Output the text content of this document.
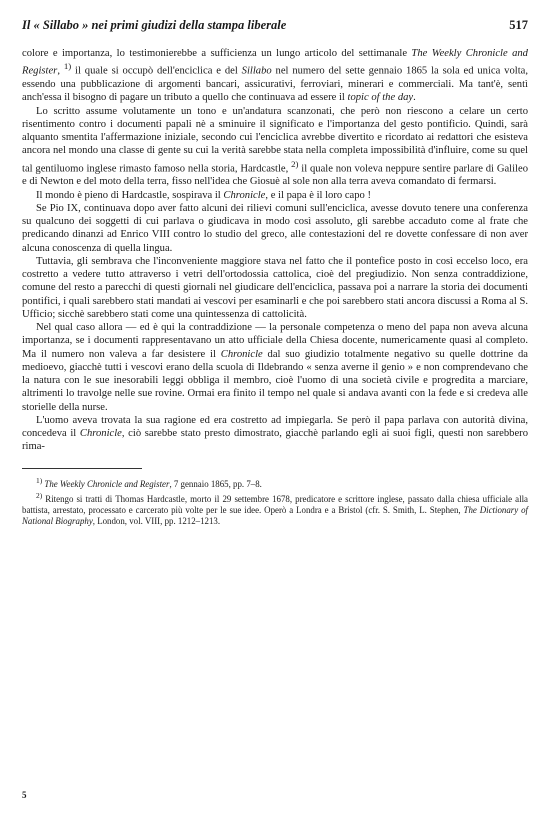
Il « Sillabo » nei primi giudizi della stampa liberale	517

colore e importanza, lo testimonierebbe a sufficienza un lungo articolo del settimanale The Weekly Chronicle and Register, $^{1)}$ il quale si occupò dell'enciclica e del Sillabo nel numero del sette gennaio 1865 la sola ed unica volta, essendo una pubblicazione di argomenti bancari, assicurativi, ferroviari, minerari e commerciali. Ma tant'è, sentì anch'essa il bisogno di pagare un tributo a quello che continuava ad essere il topic of the day.

Lo scritto assume volutamente un tono e un'andatura scanzonati, che però non riescono a celare un certo risentimento contro i documenti papali nè a sminuire il significato e l'importanza del gesto pontificio. Quindi, sarà alquanto smentita l'affermazione iniziale, secondo cui l'enciclica avrebbe divertito e ricordato ai redattori che esisteva ancora nel mondo una classe di gente su cui la verità sarebbe stata nella completa impossibilità d'influire, come su quel tal gentiluomo inglese rimasto famoso nella storia, Hardcastle, $^{2)}$ il quale non voleva neppure sentire parlare di Galileo e di Newton e del moto della terra, fisso nell'idea che Giosuè al sole non alla terra aveva comandato di fermarsi.

Il mondo è pieno di Hardcastle, sospirava il Chronicle, e il papa è il loro capo !

Se Pio IX, continuava dopo aver fatto alcuni dei rilievi comuni sull'enciclica, avesse dovuto tenere una conferenza su qualcuno dei soggetti di cui parlava o giudicava in modo così assoluto, gli sarebbe accaduto come al frate che predicando dinanzi ad Enrico VIII contro lo studio del greco, alle contestazioni del re dovette confessare di non aver alcuna conoscenza di quella lingua.

Tuttavia, gli sembrava che l'inconveniente maggiore stava nel fatto che il pontefice posto in così eccelso loco, era costretto a vedere tutto attraverso i vetri dell'ortodossia cattolica, cioè del pregiudizio. Non senza contraddizione, comune del resto a parecchi di questi giornali nel giudicare dell'enciclica, passava poi a narrare la storia dei documenti pontifici, i quali sarebbero stati mandati ai vescovi per esaminarli e che poi sarebbero stati ancora discussi a Roma al S. Ufficio; sicchè sarebbero stati come una quintessenza di cattolicità.

Nel qual caso allora — ed è qui la contraddizione — la personale competenza o meno del papa non aveva alcuna importanza, se i documenti rappresentavano un atto ufficiale della Chiesa docente, numericamente quasi al completo. Ma il numero non valeva a far desistere il Chronicle dal suo giudizio totalmente negativo su quelle dottrine da medioevo, giacchè tutti i vescovi erano della scuola di Ildebrando « senza averne il genio » e non comprendevano che la natura con le sue inesorabili leggi obbliga il membro, cioè l'uomo di una società civile e progredita a marciare, altrimenti lo travolge nelle sue rovine. Ormai era finito il tempo nel quale si andava avanti con la fede e si credeva alle storielle della nurse.

L'uomo aveva trovata la sua ragione ed era costretto ad impiegarla. Se però il papa parlava con autorità divina, concedeva il Chronicle, ciò sarebbe stato presto dimostrato, giacchè parlando egli ai suoi figli, questi non sarebbero rima-

$^{1)}$ The Weekly Chronicle and Register, 7 gennaio 1865, pp. 7–8.

$^{2)}$ Ritengo si tratti di Thomas Hardcastle, morto il 29 settembre 1678, predicatore e scrittore inglese, passato dalla chiesa ufficiale alla battista, arrestato, processato e carcerato più volte per le sue idee. Operò a Londra e a Bristol (cfr. S. Smith, L. Stephen, The Dictionary of National Biography, London, vol. VIII, pp. 1212–1213.

5
